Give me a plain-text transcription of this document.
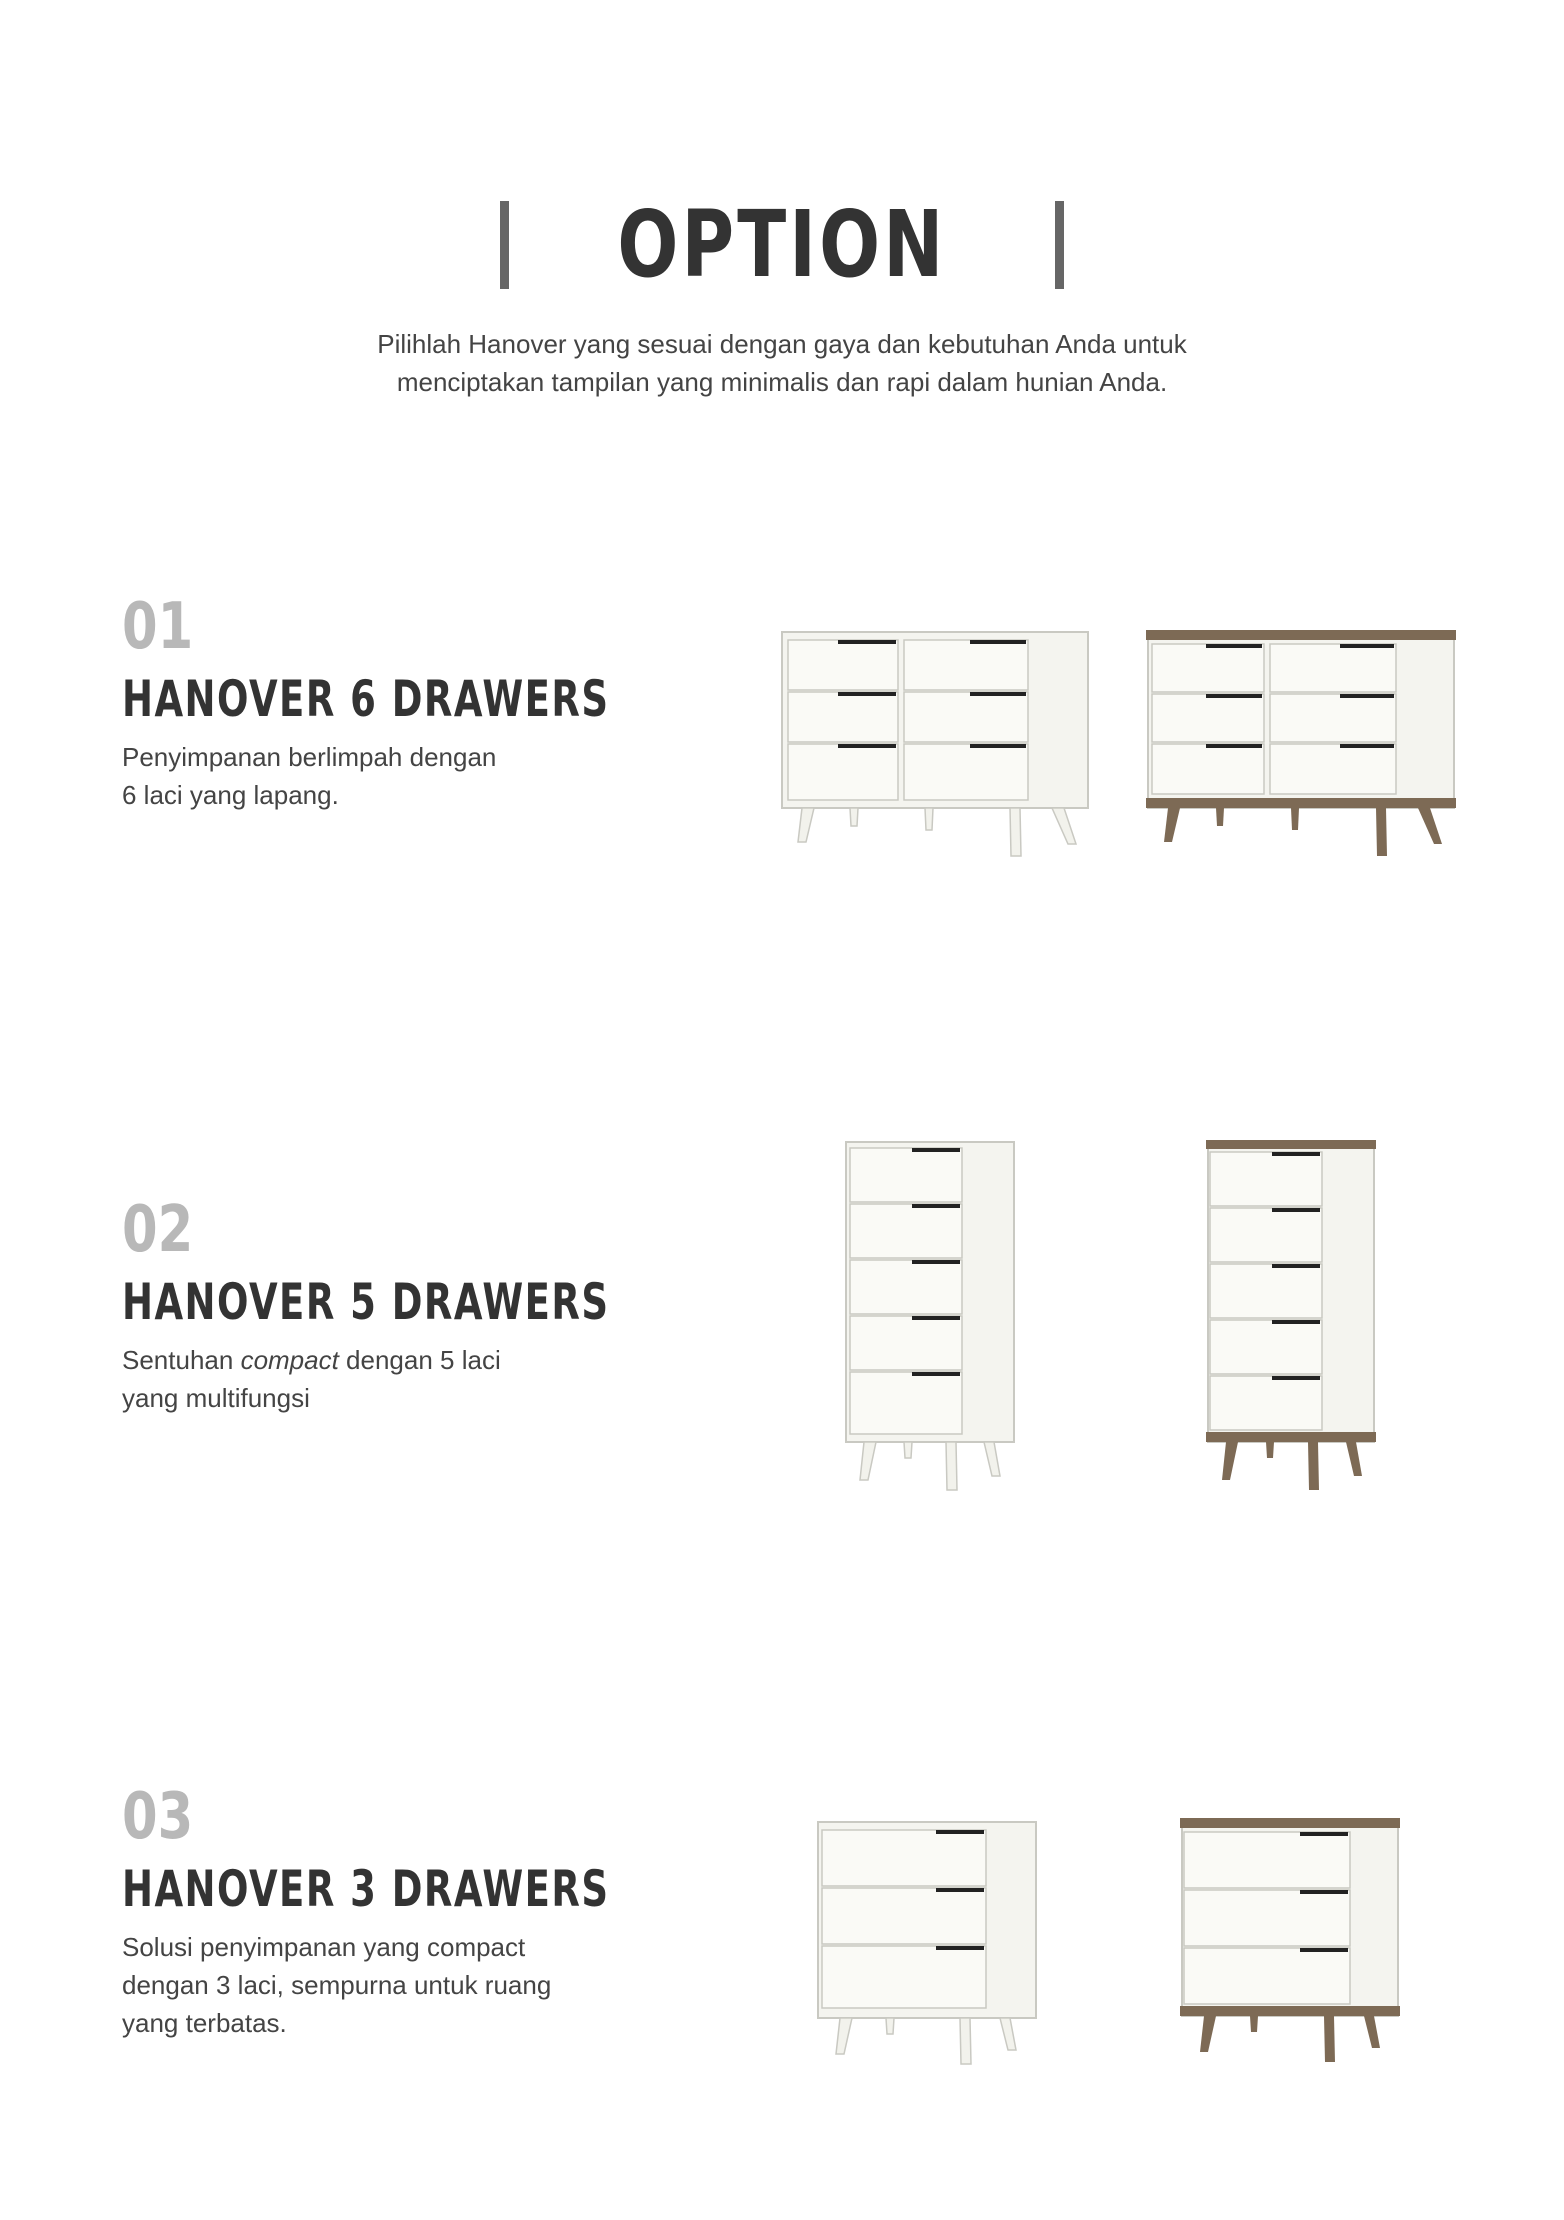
OPTION
Pilihlah Hanover yang sesuai dengan gaya dan kebutuhan Anda untuk
menciptakan tampilan yang minimalis dan rapi dalam hunian Anda.
01
HANOVER 6 DRAWERS
Penyimpanan berlimpah dengan
6 laci yang lapang.
02
HANOVER 5 DRAWERS
Sentuhan compact dengan 5 laci
yang multifungsi
03
HANOVER 3 DRAWERS
Solusi penyimpanan yang compact
dengan 3 laci, sempurna untuk ruang
yang terbatas.
